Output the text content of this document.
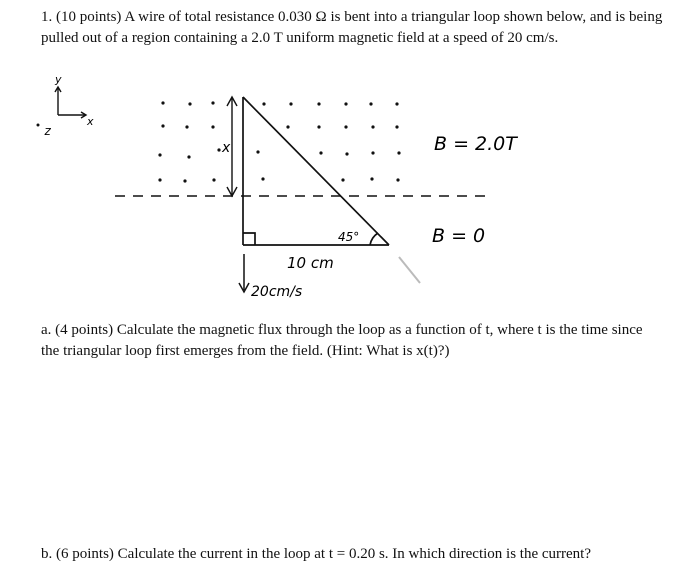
1. (10 points) A wire of total resistance 0.030 Ω is bent into a triangular loop shown below, and is being pulled out of a region containing a 2.0 T uniform magnetic field at a speed of 20 cm/s.
y
x
z
x	B = 2.0T
B = 0
45°
10 cm
20cm/s
a. (4 points) Calculate the magnetic flux through the loop as a function of t, where t is the time since the triangular loop first emerges from the field. (Hint: What is x(t)?)
b. (6 points) Calculate the current in the loop at t = 0.20 s. In which direction is the current?
